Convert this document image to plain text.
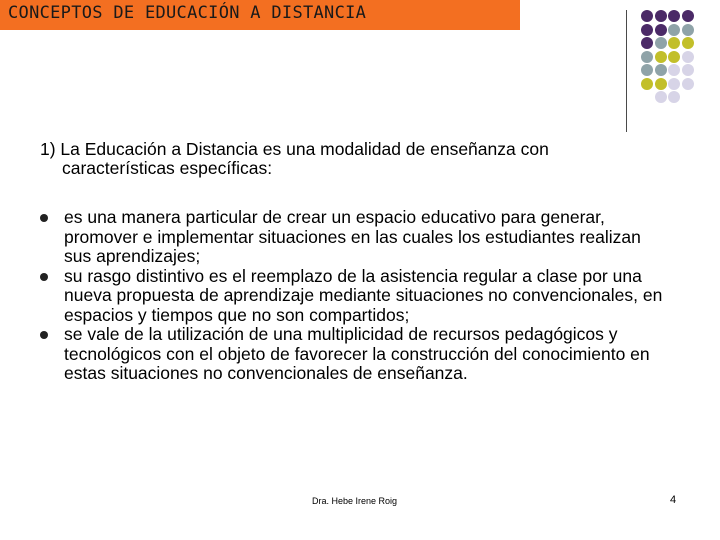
CONCEPTOS DE EDUCACIÓN A DISTANCIA
1) La Educación a Distancia es una modalidad de enseñanza con
características específicas:
es una manera particular de crear un espacio educativo para generar, promover e implementar situaciones en las cuales los estudiantes realizan sus aprendizajes;
su rasgo distintivo es el reemplazo de la asistencia regular a clase por una nueva propuesta de aprendizaje mediante situaciones no convencionales, en espacios y tiempos que no son compartidos;
se vale de la utilización de una multiplicidad de recursos pedagógicos y tecnológicos con el objeto de favorecer la construcción del conocimiento en estas situaciones no convencionales de enseñanza.
Dra. Hebe Irene Roig	4
